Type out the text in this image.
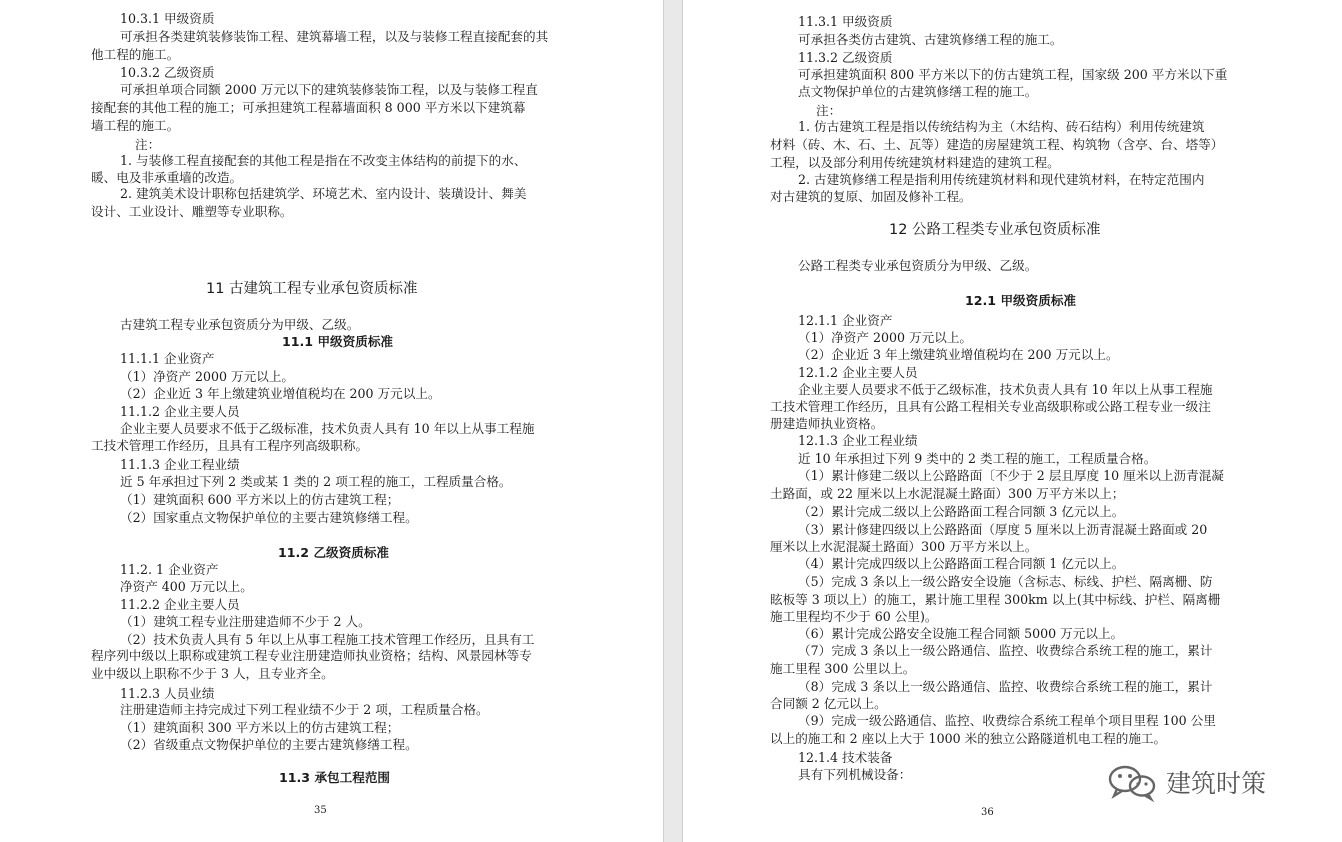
10.3.1 甲级资质
可承担各类建筑装修装饰工程、建筑幕墙工程，以及与装修工程直接配套的其
他工程的施工。
10.3.2 乙级资质
可承担单项合同额 2000 万元以下的建筑装修装饰工程，以及与装修工程直
接配套的其他工程的施工；可承担建筑工程幕墙面积 8 000 平方米以下建筑幕
墙工程的施工。
注：
1. 与装修工程直接配套的其他工程是指在不改变主体结构的前提下的水、
暖、电及非承重墙的改造。
2. 建筑美术设计职称包括建筑学、环境艺术、室内设计、装璜设计、舞美
设计、工业设计、雕塑等专业职称。
11 古建筑工程专业承包资质标准
古建筑工程专业承包资质分为甲级、乙级。
11.1 甲级资质标准
11.1.1 企业资产
（1）净资产 2000 万元以上。
（2）企业近 3 年上缴建筑业增值税均在 200 万元以上。
11.1.2 企业主要人员
企业主要人员要求不低于乙级标准，技术负责人具有 10 年以上从事工程施
工技术管理工作经历，且具有工程序列高级职称。
11.1.3 企业工程业绩
近 5 年承担过下列 2 类或某 1 类的 2 项工程的施工，工程质量合格。
（1）建筑面积 600 平方米以上的仿古建筑工程；
（2）国家重点文物保护单位的主要古建筑修缮工程。
11.2 乙级资质标准
11.2. 1 企业资产
净资产 400 万元以上。
11.2.2 企业主要人员
（1）建筑工程专业注册建造师不少于 2 人。
（2）技术负责人具有 5 年以上从事工程施工技术管理工作经历，且具有工
程序列中级以上职称或建筑工程专业注册建造师执业资格；结构、风景园林等专
业中级以上职称不少于 3 人，且专业齐全。
11.2.3 人员业绩
注册建造师主持完成过下列工程业绩不少于 2 项，工程质量合格。
（1）建筑面积 300 平方米以上的仿古建筑工程；
（2）省级重点文物保护单位的主要古建筑修缮工程。
11.3 承包工程范围
35
11.3.1 甲级资质
可承担各类仿古建筑、古建筑修缮工程的施工。
11.3.2 乙级资质
可承担建筑面积 800 平方米以下的仿古建筑工程，国家级 200 平方米以下重
点文物保护单位的古建筑修缮工程的施工。
注：
1. 仿古建筑工程是指以传统结构为主（木结构、砖石结构）利用传统建筑
材料（砖、木、石、土、瓦等）建造的房屋建筑工程、构筑物（含亭、台、塔等）
工程，以及部分利用传统建筑材料建造的建筑工程。
2. 古建筑修缮工程是指利用传统建筑材料和现代建筑材料，在特定范围内
对古建筑的复原、加固及修补工程。
12 公路工程类专业承包资质标准
公路工程类专业承包资质分为甲级、乙级。
12.1 甲级资质标准
12.1.1 企业资产
（1）净资产 2000 万元以上。
（2）企业近 3 年上缴建筑业增值税均在 200 万元以上。
12.1.2 企业主要人员
企业主要人员要求不低于乙级标准，技术负责人具有 10 年以上从事工程施
工技术管理工作经历，且具有公路工程相关专业高级职称或公路工程专业一级注
册建造师执业资格。
12.1.3 企业工程业绩
近 10 年承担过下列 9 类中的 2 类工程的施工，工程质量合格。
（1）累计修建二级以上公路路面〔不少于 2 层且厚度 10 厘米以上沥青混凝
土路面，或 22 厘米以上水泥混凝土路面）300 万平方米以上；
（2）累计完成二级以上公路路面工程合同额 3 亿元以上。
（3）累计修建四级以上公路路面（厚度 5 厘米以上沥青混凝土路面或 20
厘米以上水泥混凝土路面）300 万平方米以上。
（4）累计完成四级以上公路路面工程合同额 1 亿元以上。
（5）完成 3 条以上一级公路安全设施（含标志、标线、护栏、隔离栅、防
眩板等 3 项以上）的施工，累计施工里程 300km 以上(其中标线、护栏、隔离栅
施工里程均不少于 60 公里)。
（6）累计完成公路安全设施工程合同额 5000 万元以上。
（7）完成 3 条以上一级公路通信、监控、收费综合系统工程的施工，累计
施工里程 300 公里以上。
（8）完成 3 条以上一级公路通信、监控、收费综合系统工程的施工，累计
合同额 2 亿元以上。
（9）完成一级公路通信、监控、收费综合系统工程单个项目里程 100 公里
以上的施工和 2 座以上大于 1000 米的独立公路隧道机电工程的施工。
12.1.4 技术装备
具有下列机械设备：
36
建筑时策
